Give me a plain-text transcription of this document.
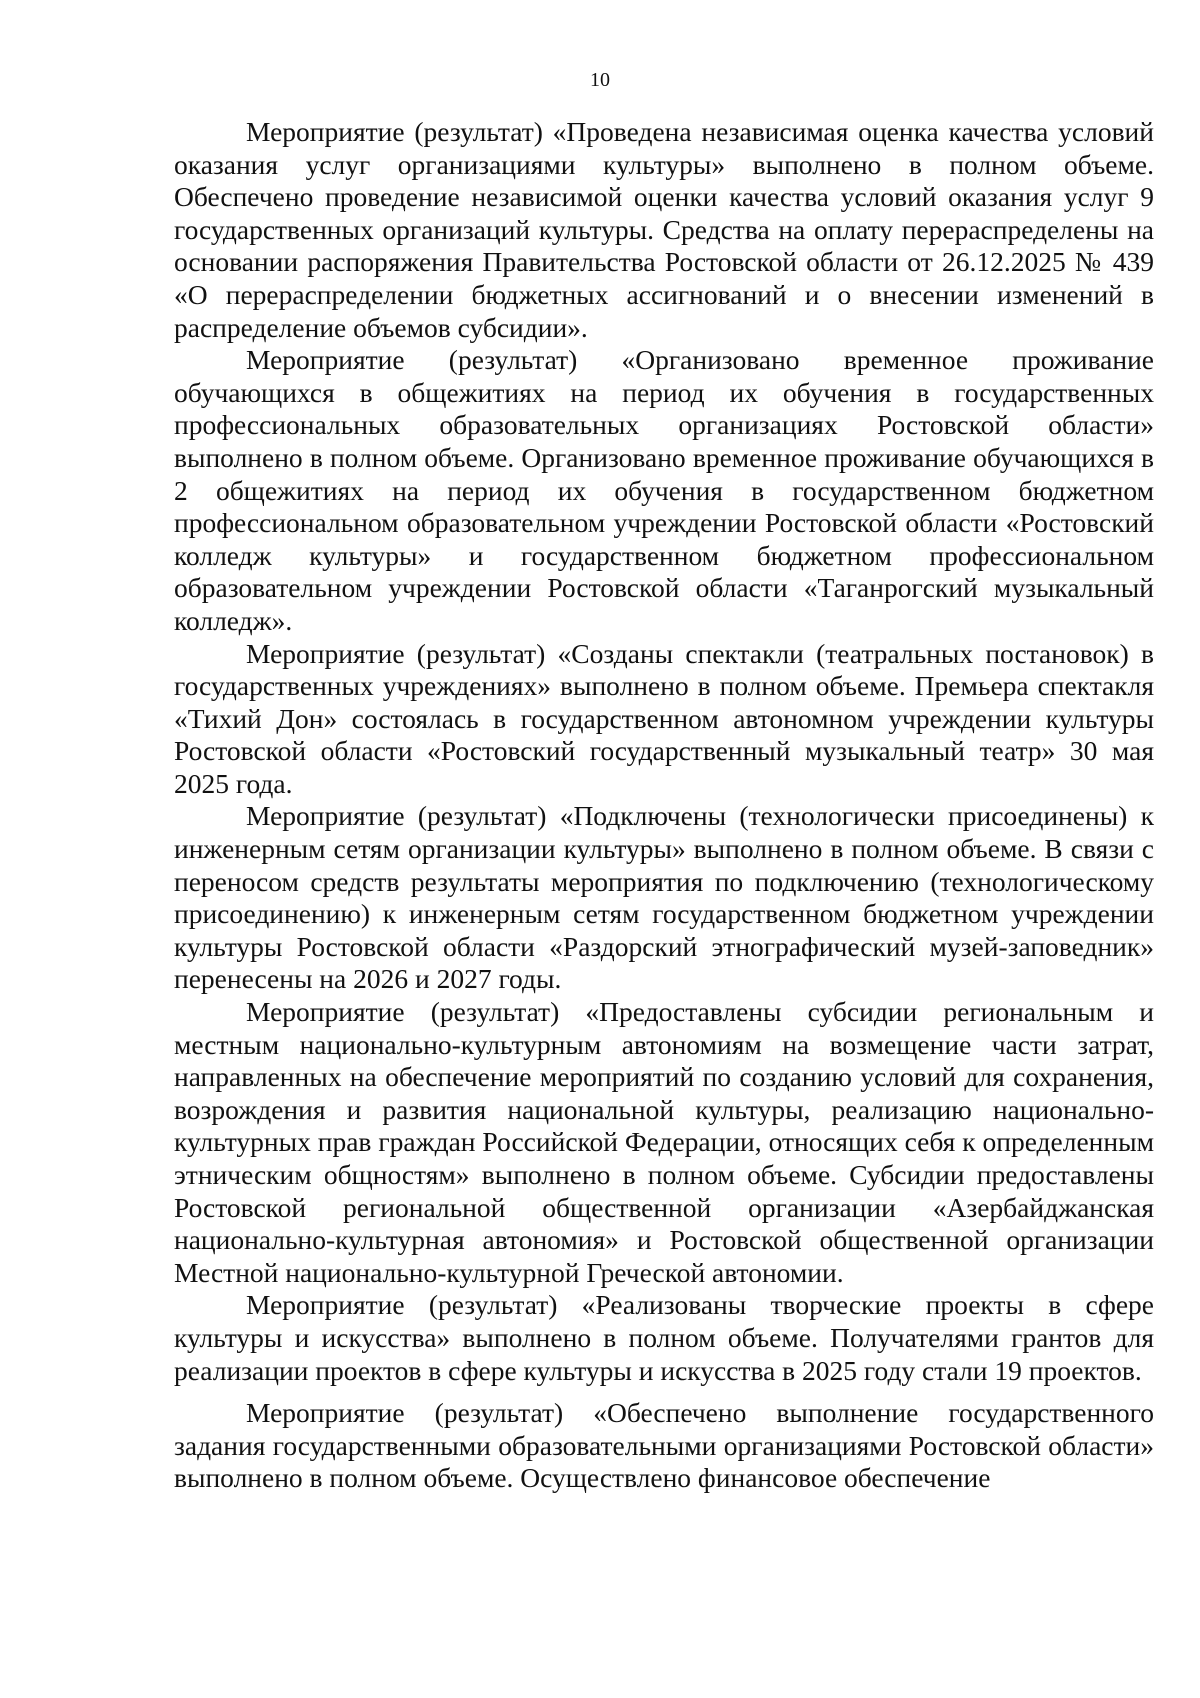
10

Мероприятие (результат) «Проведена независимая оценка качества условий оказания услуг организациями культуры» выполнено в полном объеме. Обеспечено проведение независимой оценки качества условий оказания услуг 9 государственных организаций культуры. Средства на оплату перераспределены на основании распоряжения Правительства Ростовской области от 26.12.2025 № 439 «О перераспределении бюджетных ассигнований и о внесении изменений в распределение объемов субсидии».

Мероприятие (результат) «Организовано временное проживание обучающихся в общежитиях на период их обучения в государственных профессиональных образовательных организациях Ростовской области» выполнено в полном объеме. Организовано временное проживание обучающихся в 2 общежитиях на период их обучения в государственном бюджетном профессиональном образовательном учреждении Ростовской области «Ростовский колледж культуры» и государственном бюджетном профессиональном образовательном учреждении Ростовской области «Таганрогский музыкальный колледж».

Мероприятие (результат) «Созданы спектакли (театральных постановок) в государственных учреждениях» выполнено в полном объеме. Премьера спектакля «Тихий Дон» состоялась в государственном автономном учреждении культуры Ростовской области «Ростовский государственный музыкальный театр» 30 мая 2025 года.

Мероприятие (результат) «Подключены (технологически присоединены) к инженерным сетям организации культуры» выполнено в полном объеме. В связи с переносом средств результаты мероприятия по подключению (технологическому присоединению) к инженерным сетям государственном бюджетном учреждении культуры Ростовской области «Раздорский этнографический музей-заповедник» перенесены на 2026 и 2027 годы.

Мероприятие (результат) «Предоставлены субсидии региональным и местным национально-культурным автономиям на возмещение части затрат, направленных на обеспечение мероприятий по созданию условий для сохранения, возрождения и развития национальной культуры, реализацию национально-культурных прав граждан Российской Федерации, относящих себя к определенным этническим общностям» выполнено в полном объеме. Субсидии предоставлены Ростовской региональной общественной организации «Азербайджанская национально-культурная автономия» и Ростовской общественной организации Местной национально-культурной Греческой автономии.

Мероприятие (результат) «Реализованы творческие проекты в сфере культуры и искусства» выполнено в полном объеме. Получателями грантов для реализации проектов в сфере культуры и искусства в 2025 году стали 19 проектов.

Мероприятие (результат) «Обеспечено выполнение государственного задания государственными образовательными организациями Ростовской области» выполнено в полном объеме. Осуществлено финансовое обеспечение
